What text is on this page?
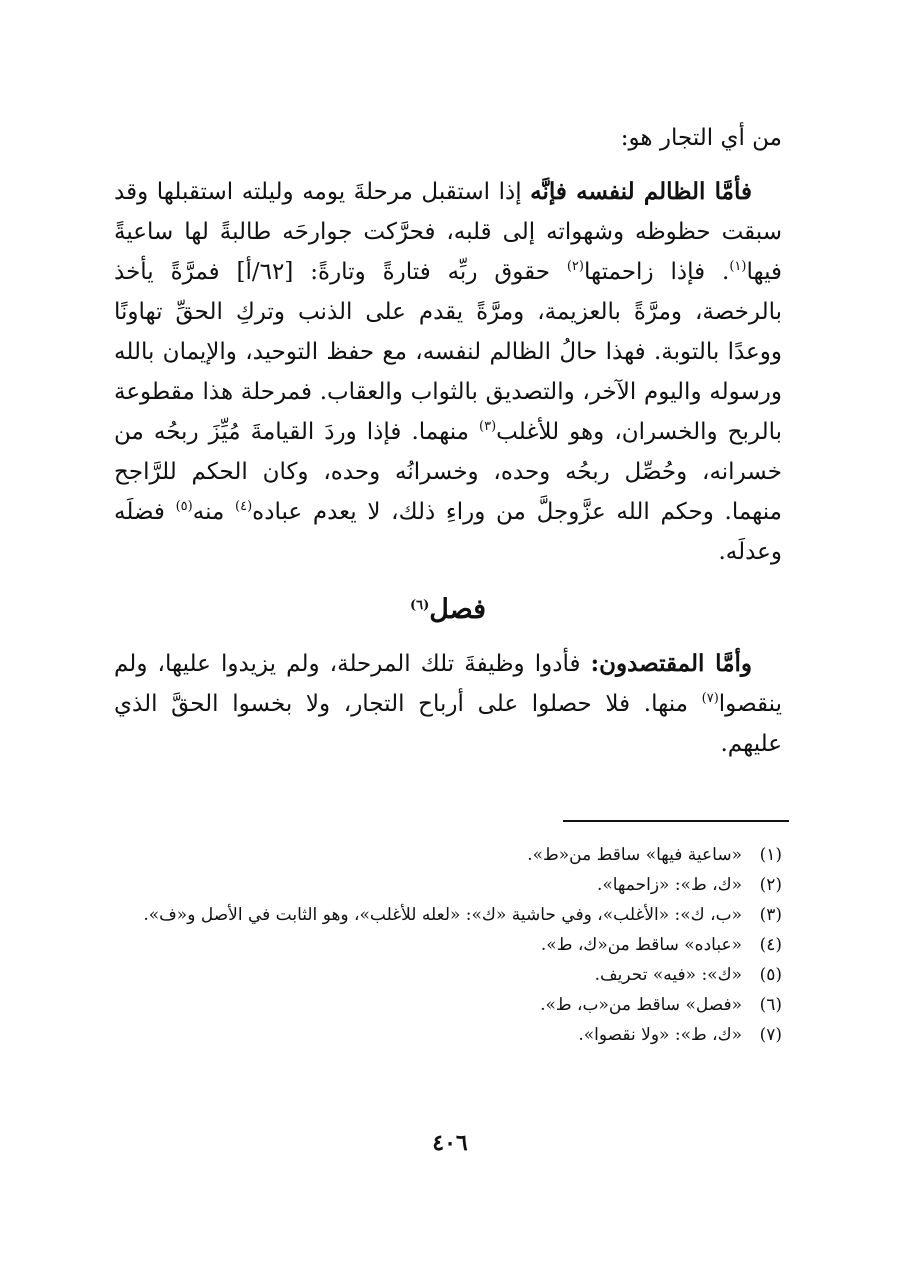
من أي التجار هو:

فأمَّا الظالم لنفسه فإنَّه إذا استقبل مرحلةَ يومه وليلته استقبلها وقد سبقت حظوظه وشهواته إلى قلبه، فحرَّكت جوارحَه طالبةً لها ساعيةً فيها$^{(١)}$. فإذا زاحمتها$^{(٢)}$ حقوق ربِّه فتارةً وتارةً: [٦٢/أ] فمرَّةً يأخذ بالرخصة، ومرَّةً بالعزيمة، ومرَّةً يقدم على الذنب وتركِ الحقِّ تهاونًا ووعدًا بالتوبة. فهذا حالُ الظالم لنفسه، مع حفظ التوحيد، والإيمان بالله ورسوله واليوم الآخر، والتصديق بالثواب والعقاب. فمرحلة هذا مقطوعة بالربح والخسران، وهو للأغلب$^{(٣)}$ منهما. فإذا وردَ القيامةَ مُيِّزَ ربحُه من خسرانه، وحُصِّل ربحُه وحده، وخسرانُه وحده، وكان الحكم للرَّاجح منهما. وحكم الله عزَّوجلَّ من وراءِ ذلك، لا يعدم عباده$^{(٤)}$ منه$^{(٥)}$ فضلَه وعدلَه.

فصل$^{(٦)}$

وأمَّا المقتصدون: فأدوا وظيفةَ تلك المرحلة، ولم يزيدوا عليها، ولم ينقصوا$^{(٧)}$ منها. فلا حصلوا على أرباح التجار، ولا بخسوا الحقَّ الذي عليهم.

(١)
«ساعية فيها» ساقط من«ط».
(٢)
«ك، ط»: «زاحمها».
(٣)
«ب، ك»: «الأغلب»، وفي حاشية «ك»: «لعله للأغلب»، وهو الثابت في الأصل و«ف».
(٤)
«عباده» ساقط من«ك، ط».
(٥)
«ك»: «فيه» تحريف.
(٦)
«فصل» ساقط من«ب، ط».
(٧)
«ك، ط»: «ولا نقصوا».
٤٠٦
